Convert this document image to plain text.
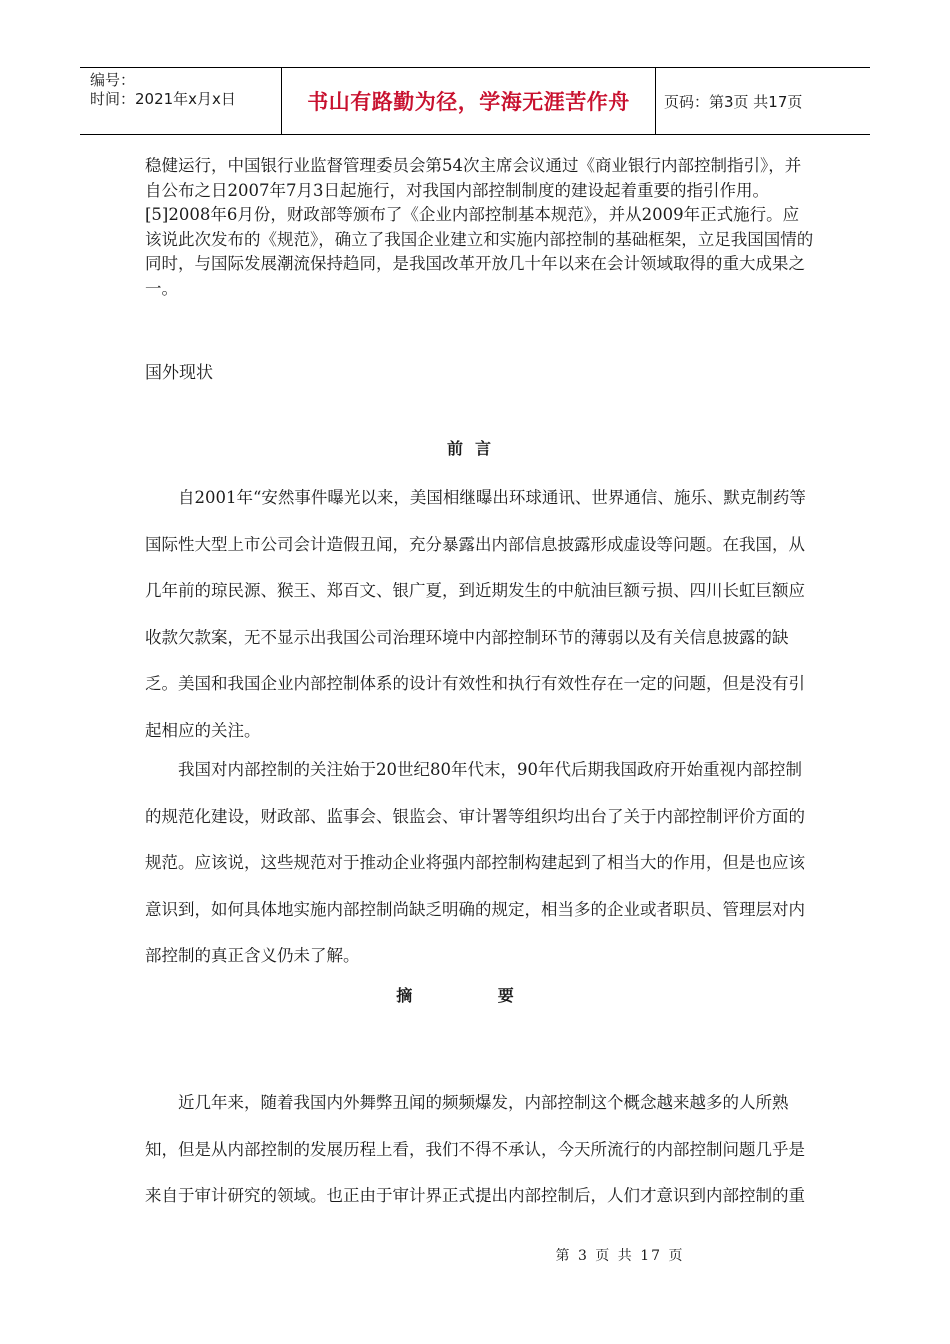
编号：
时间：2021年x月x日	书山有路勤为径，学海无涯苦作舟	页码：第3页 共17页

稳健运行，中国银行业监督管理委员会第54次主席会议通过《商业银行内部控制指引》，并自公布之日2007年7月3日起施行，对我国内部控制制度的建设起着重要的指引作用。[5]2008年6月份，财政部等颁布了《企业内部控制基本规范》，并从2009年正式施行。应该说此次发布的《规范》，确立了我国企业建立和实施内部控制的基础框架，立足我国国情的同时，与国际发展潮流保持趋同，是我国改革开放几十年以来在会计领域取得的重大成果之一。

国外现状
前言

自2001年“安然事件曝光以来，美国相继曝出环球通讯、世界通信、施乐、默克制药等国际性大型上市公司会计造假丑闻，充分暴露出内部信息披露形成虚设等问题。在我国，从几年前的琼民源、猴王、郑百文、银广夏，到近期发生的中航油巨额亏损、四川长虹巨额应收款欠款案，无不显示出我国公司治理环境中内部控制环节的薄弱以及有关信息披露的缺乏。美国和我国企业内部控制体系的设计有效性和执行有效性存在一定的问题，但是没有引起相应的关注。

我国对内部控制的关注始于20世纪80年代末，90年代后期我国政府开始重视内部控制的规范化建设，财政部、监事会、银监会、审计署等组织均出台了关于内部控制评价方面的规范。应该说，这些规范对于推动企业将强内部控制构建起到了相当大的作用，但是也应该意识到，如何具体地实施内部控制尚缺乏明确的规定，相当多的企业或者职员、管理层对内部控制的真正含义仍未了解。

摘 要

近几年来，随着我国内外舞弊丑闻的频频爆发，内部控制这个概念越来越多的人所熟知，但是从内部控制的发展历程上看，我们不得不承认，今天所流行的内部控制问题几乎是来自于审计研究的领域。也正由于审计界正式提出内部控制后，人们才意识到内部控制的重

第 3 页 共 17 页
